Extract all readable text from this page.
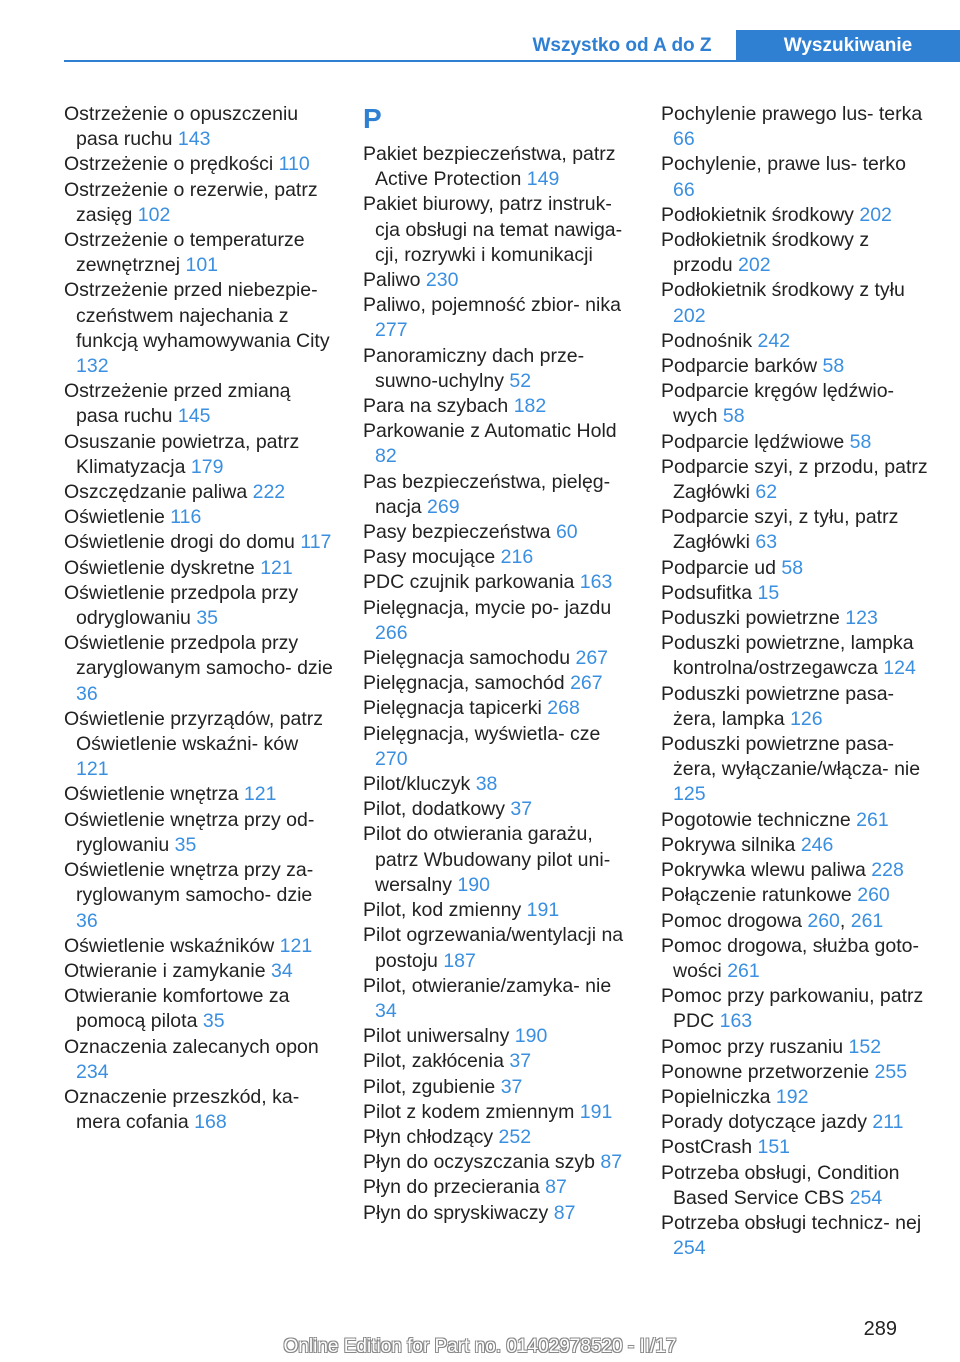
Wszystko od A do Z	Wyszukiwanie
Ostrzeżenie o opuszczeniu pasa ruchu 143
Ostrzeżenie o prędkości 110
Ostrzeżenie o rezerwie, patrz zasięg 102
Ostrzeżenie o temperaturze zewnętrznej 101
Ostrzeżenie przed niebezpie‐ czeństwem najechania z funkcją wyhamowywania City 132
Ostrzeżenie przed zmianą pasa ruchu 145
Osuszanie powietrza, patrz Klimatyzacja 179
Oszczędzanie paliwa 222
Oświetlenie 116
Oświetlenie drogi do domu 117
Oświetlenie dyskretne 121
Oświetlenie przedpola przy odryglowaniu 35
Oświetlenie przedpola przy zaryglowanym samocho‐ dzie 36
Oświetlenie przyrządów, patrz Oświetlenie wskaźni‐ ków 121
Oświetlenie wnętrza 121
Oświetlenie wnętrza przy od‐ ryglowaniu 35
Oświetlenie wnętrza przy za‐ ryglowanym samocho‐ dzie 36
Oświetlenie wskaźników 121
Otwieranie i zamykanie 34
Otwieranie komfortowe za pomocą pilota 35
Oznaczenia zalecanych opon 234
Oznaczenie przeszkód, ka‐ mera cofania 168
P
Pakiet bezpieczeństwa, patrz Active Protection 149
Pakiet biurowy, patrz instruk‐ cja obsługi na temat nawiga‐ cji, rozrywki i komunikacji
Paliwo 230
Paliwo, pojemność zbior‐ nika 277
Panoramiczny dach prze‐ suwno-uchylny 52
Para na szybach 182
Parkowanie z Automatic Hold 82
Pas bezpieczeństwa, pielęg‐ nacja 269
Pasy bezpieczeństwa 60
Pasy mocujące 216
PDC czujnik parkowania 163
Pielęgnacja, mycie po‐ jazdu 266
Pielęgnacja samochodu 267
Pielęgnacja, samochód 267
Pielęgnacja tapicerki 268
Pielęgnacja, wyświetla‐ cze 270
Pilot/kluczyk 38
Pilot, dodatkowy 37
Pilot do otwierania garażu, patrz Wbudowany pilot uni‐ wersalny 190
Pilot, kod zmienny 191
Pilot ogrzewania/wentylacji na postoju 187
Pilot, otwieranie/zamyka‐ nie 34
Pilot uniwersalny 190
Pilot, zakłócenia 37
Pilot, zgubienie 37
Pilot z kodem zmiennym 191
Płyn chłodzący 252
Płyn do oczyszczania szyb 87
Płyn do przecierania 87
Płyn do spryskiwaczy 87
Pochylenie prawego lus‐ terka 66
Pochylenie, prawe lus‐ terko 66
Podłokietnik środkowy 202
Podłokietnik środkowy z przodu 202
Podłokietnik środkowy z tyłu 202
Podnośnik 242
Podparcie barków 58
Podparcie kręgów lędźwio‐ wych 58
Podparcie lędźwiowe 58
Podparcie szyi, z przodu, patrz Zagłówki 62
Podparcie szyi, z tyłu, patrz Zagłówki 63
Podparcie ud 58
Podsufitka 15
Poduszki powietrzne 123
Poduszki powietrzne, lampka kontrolna/ostrzegawcza 124
Poduszki powietrzne pasa‐ żera, lampka 126
Poduszki powietrzne pasa‐ żera, wyłączanie/włącza‐ nie 125
Pogotowie techniczne 261
Pokrywa silnika 246
Pokrywka wlewu paliwa 228
Połączenie ratunkowe 260
Pomoc drogowa 260, 261
Pomoc drogowa, służba goto‐ wości 261
Pomoc przy parkowaniu, patrz PDC 163
Pomoc przy ruszaniu 152
Ponowne przetworzenie 255
Popielniczka 192
Porady dotyczące jazdy 211
PostCrash 151
Potrzeba obsługi, Condition Based Service CBS 254
Potrzeba obsługi technicz‐ nej 254
289
Online Edition for Part no. 01402978520 - II/17
